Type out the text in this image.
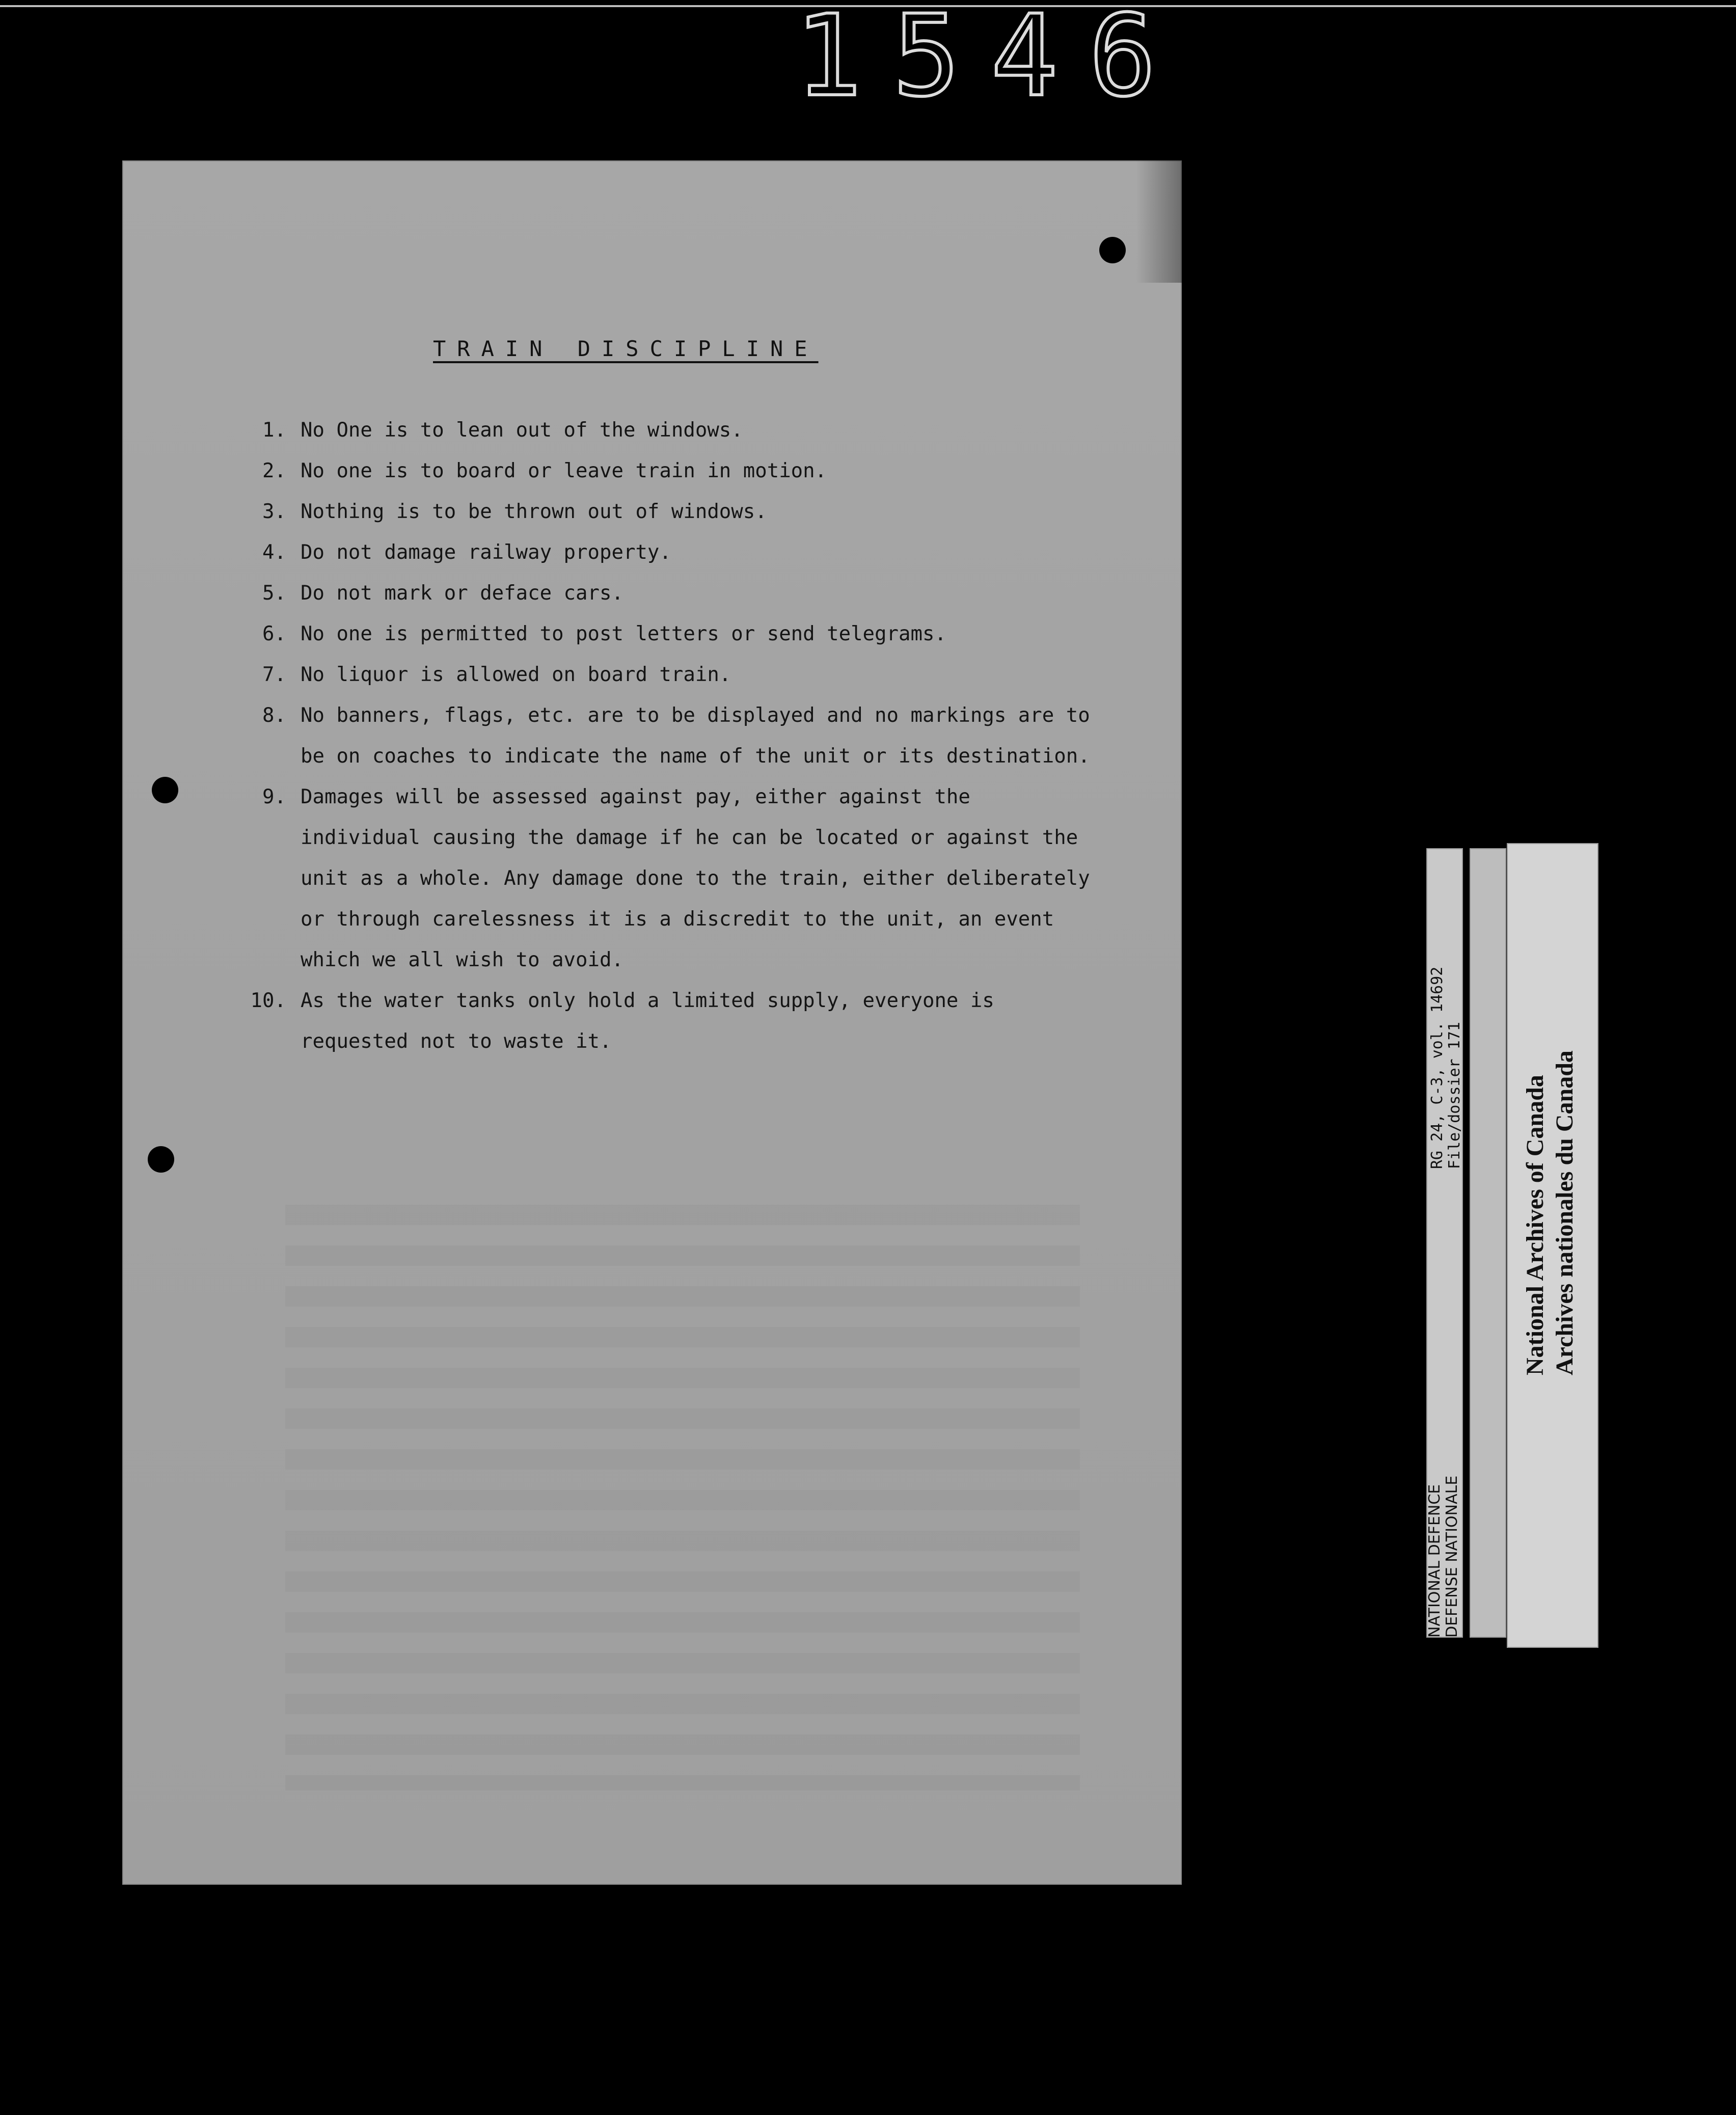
1546
TRAIN DISCIPLINE
1. No One is to lean out of the windows.
2. No one is to board or leave train in motion.
3. Nothing is to be thrown out of windows.
4. Do not damage railway property.
5. Do not mark or deface cars.
6. No one is permitted to post letters or send telegrams.
7. No liquor is allowed on board train.
8. No banners, flags, etc. are to be displayed and no markings are to be on coaches to indicate the name of the unit or its destination.
9. Damages will be assessed against pay, either against the individual causing the damage if he can be located or against the unit as a whole. Any damage done to the train, either deliberately or through carelessness it is a discredit to the unit, an event which we all wish to avoid.
10. As the water tanks only hold a limited supply, everyone is requested not to waste it.
NATIONAL DEFENCE DEFENSE NATIONALE
RG 24, C-3, vol. 14692 File/dossier 171 National Archives of Canada Archives nationales du Canada
